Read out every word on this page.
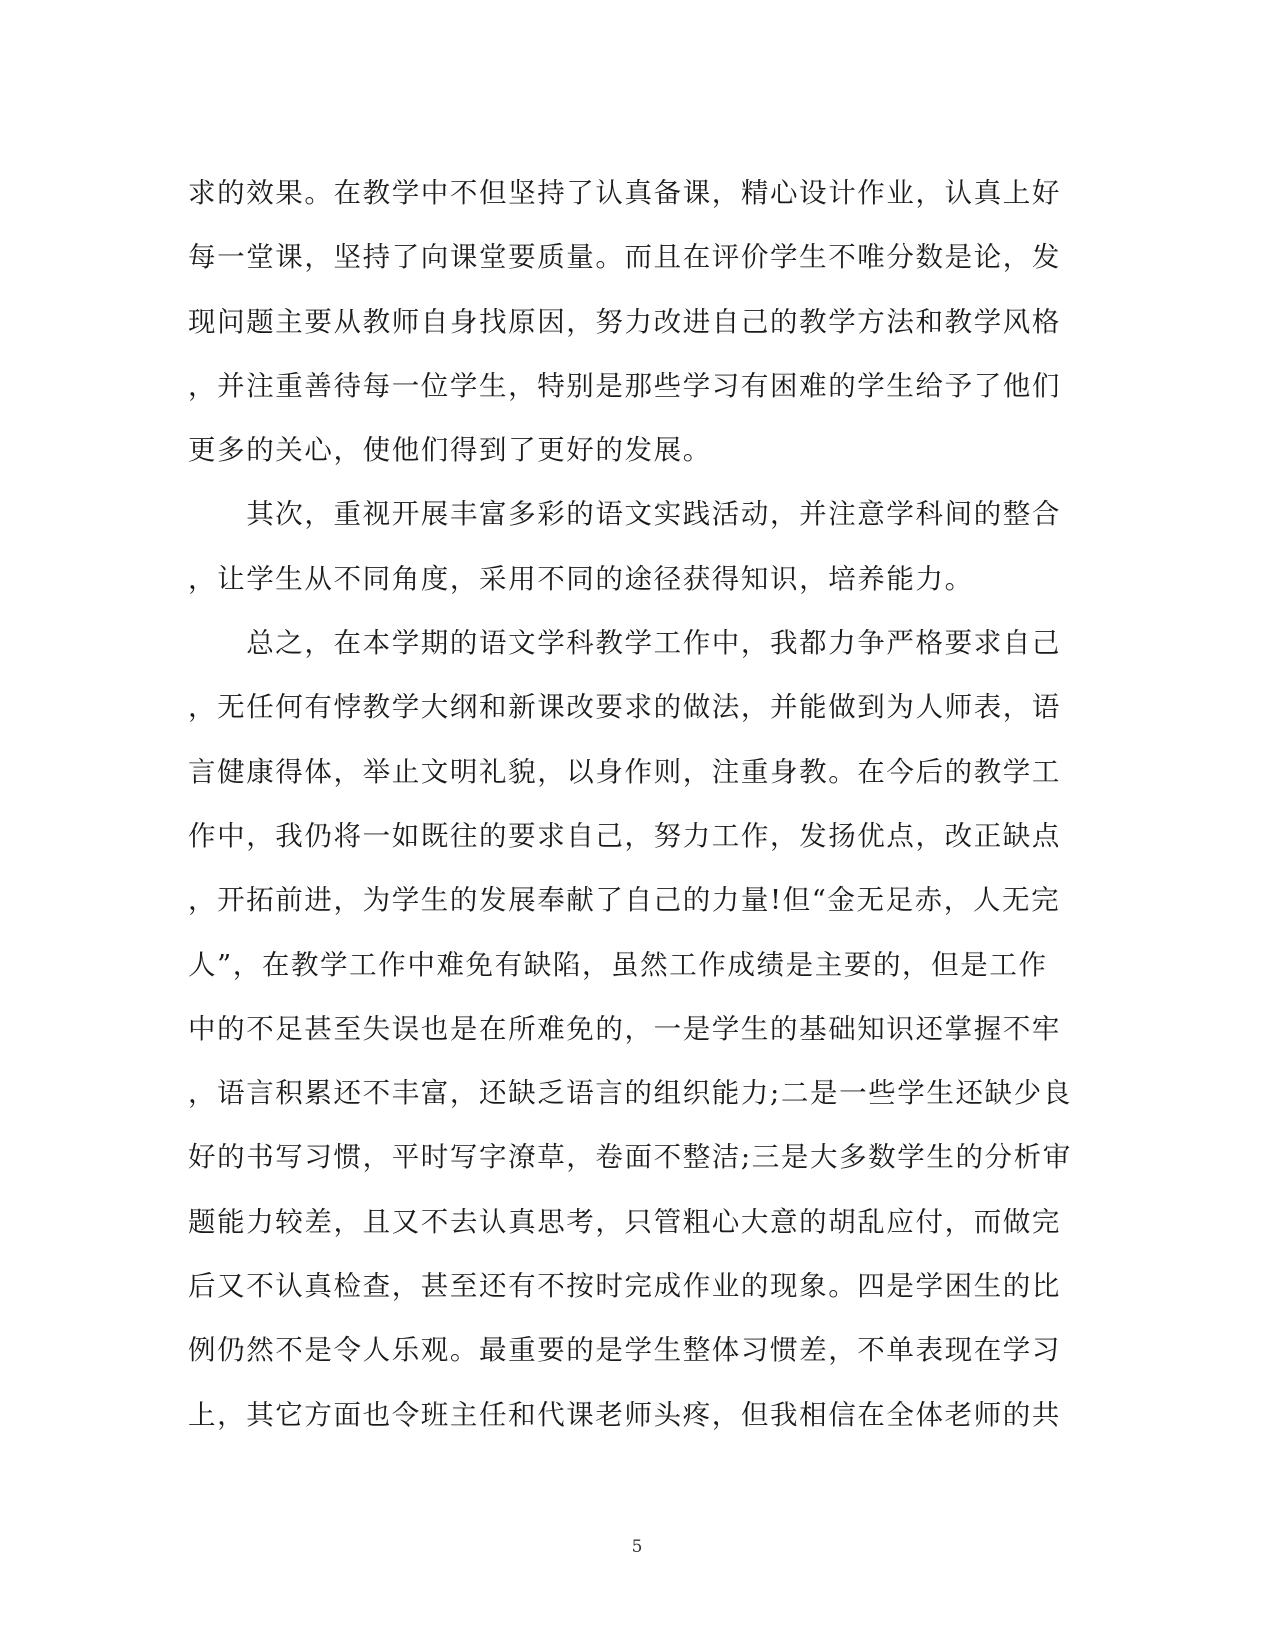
求的效果。在教学中不但坚持了认真备课，精心设计作业，认真上好
每一堂课，坚持了向课堂要质量。而且在评价学生不唯分数是论，发
现问题主要从教师自身找原因，努力改进自己的教学方法和教学风格
，并注重善待每一位学生，特别是那些学习有困难的学生给予了他们
更多的关心，使他们得到了更好的发展。
　　其次，重视开展丰富多彩的语文实践活动，并注意学科间的整合
，让学生从不同角度，采用不同的途径获得知识，培养能力。
　　总之，在本学期的语文学科教学工作中，我都力争严格要求自己
，无任何有悖教学大纲和新课改要求的做法，并能做到为人师表，语
言健康得体，举止文明礼貌，以身作则，注重身教。在今后的教学工
作中，我仍将一如既往的要求自己，努力工作，发扬优点，改正缺点
，开拓前进，为学生的发展奉献了自己的力量!但“金无足赤，人无完
人”，在教学工作中难免有缺陷，虽然工作成绩是主要的，但是工作
中的不足甚至失误也是在所难免的，一是学生的基础知识还掌握不牢
，语言积累还不丰富，还缺乏语言的组织能力;二是一些学生还缺少良
好的书写习惯，平时写字潦草，卷面不整洁;三是大多数学生的分析审
题能力较差，且又不去认真思考，只管粗心大意的胡乱应付，而做完
后又不认真检查，甚至还有不按时完成作业的现象。四是学困生的比
例仍然不是令人乐观。最重要的是学生整体习惯差，不单表现在学习
上，其它方面也令班主任和代课老师头疼，但我相信在全体老师的共
5
